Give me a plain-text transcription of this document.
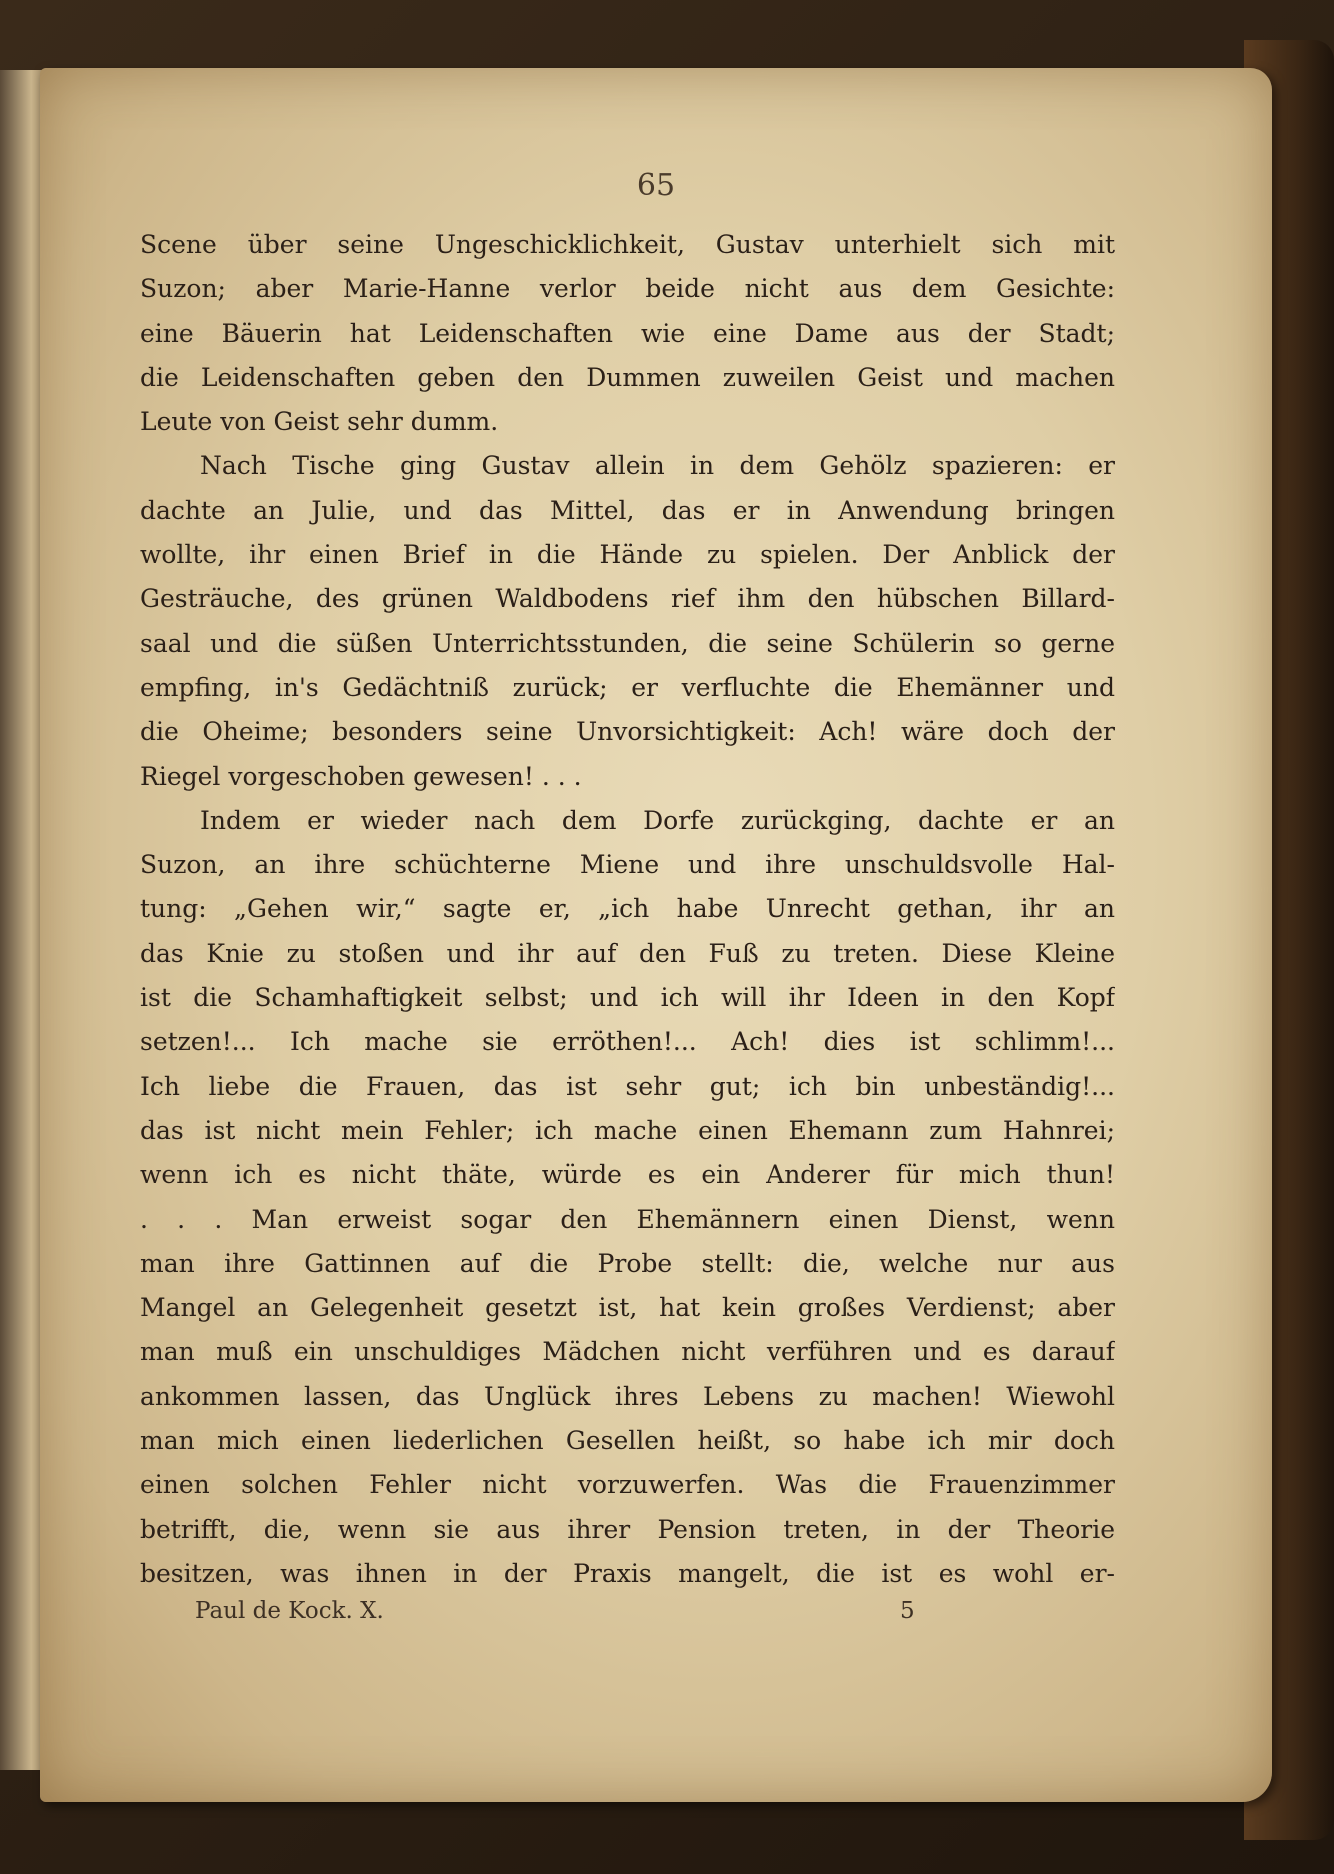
65
Scene über seine Ungeschicklichkeit, Gustav unterhielt sich mit
Suzon; aber Marie-Hanne verlor beide nicht aus dem Gesichte:
eine Bäuerin hat Leidenschaften wie eine Dame aus der Stadt;
die Leidenschaften geben den Dummen zuweilen Geist und machen
Leute von Geist sehr dumm.
Nach Tische ging Gustav allein in dem Gehölz spazieren: er
dachte an Julie, und das Mittel, das er in Anwendung bringen
wollte, ihr einen Brief in die Hände zu spielen. Der Anblick der
Gesträuche, des grünen Waldbodens rief ihm den hübschen Billard-
saal und die süßen Unterrichtsstunden, die seine Schülerin so gerne
empfing, in's Gedächtniß zurück; er verfluchte die Ehemänner und
die Oheime; besonders seine Unvorsichtigkeit: Ach! wäre doch der
Riegel vorgeschoben gewesen! . . .
Indem er wieder nach dem Dorfe zurückging, dachte er an
Suzon, an ihre schüchterne Miene und ihre unschuldsvolle Hal-
tung: „Gehen wir,“ sagte er, „ich habe Unrecht gethan, ihr an
das Knie zu stoßen und ihr auf den Fuß zu treten. Diese Kleine
ist die Schamhaftigkeit selbst; und ich will ihr Ideen in den Kopf
setzen!... Ich mache sie erröthen!... Ach! dies ist schlimm!...
Ich liebe die Frauen, das ist sehr gut; ich bin unbeständig!...
das ist nicht mein Fehler; ich mache einen Ehemann zum Hahnrei;
wenn ich es nicht thäte, würde es ein Anderer für mich thun!
. . . Man erweist sogar den Ehemännern einen Dienst, wenn
man ihre Gattinnen auf die Probe stellt: die, welche nur aus
Mangel an Gelegenheit gesetzt ist, hat kein großes Verdienst; aber
man muß ein unschuldiges Mädchen nicht verführen und es darauf
ankommen lassen, das Unglück ihres Lebens zu machen! Wiewohl
man mich einen liederlichen Gesellen heißt, so habe ich mir doch
einen solchen Fehler nicht vorzuwerfen. Was die Frauenzimmer
betrifft, die, wenn sie aus ihrer Pension treten, in der Theorie
besitzen, was ihnen in der Praxis mangelt, die ist es wohl er-
Paul de Kock. X.	5
